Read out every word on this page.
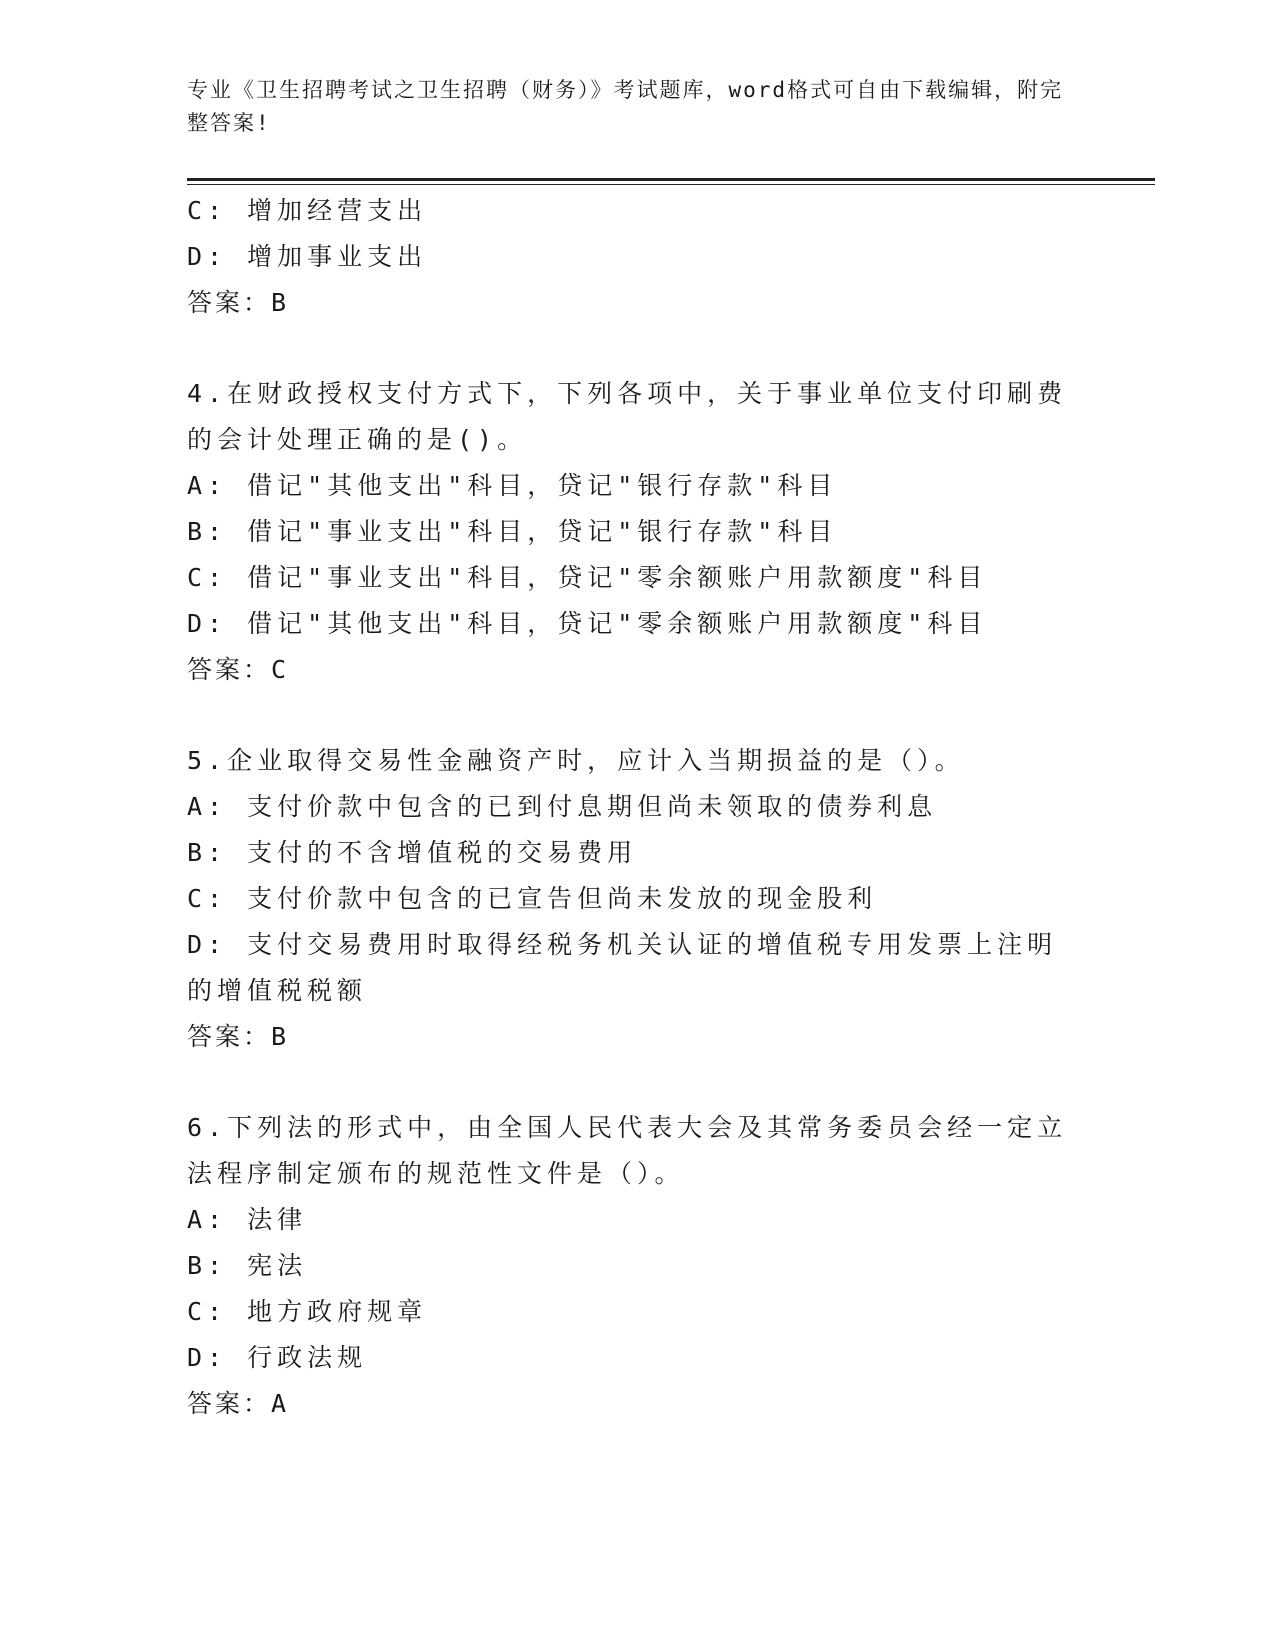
专业《卫生招聘考试之卫生招聘（财务）》考试题库，word格式可自由下载编辑，附完整答案!
C: 增加经营支出
D: 增加事业支出
答案：B
4.在财政授权支付方式下，下列各项中，关于事业单位支付印刷费的会计处理正确的是()。
A: 借记"其他支出"科目，贷记"银行存款"科目
B: 借记"事业支出"科目，贷记"银行存款"科目
C: 借记"事业支出"科目，贷记"零余额账户用款额度"科目
D: 借记"其他支出"科目，贷记"零余额账户用款额度"科目
答案：C
5.企业取得交易性金融资产时，应计入当期损益的是（）。
A: 支付价款中包含的已到付息期但尚未领取的债券利息
B: 支付的不含增值税的交易费用
C: 支付价款中包含的已宣告但尚未发放的现金股利
D: 支付交易费用时取得经税务机关认证的增值税专用发票上注明的增值税税额
答案：B
6.下列法的形式中，由全国人民代表大会及其常务委员会经一定立法程序制定颁布的规范性文件是（）。
A: 法律
B: 宪法
C: 地方政府规章
D: 行政法规
答案：A
